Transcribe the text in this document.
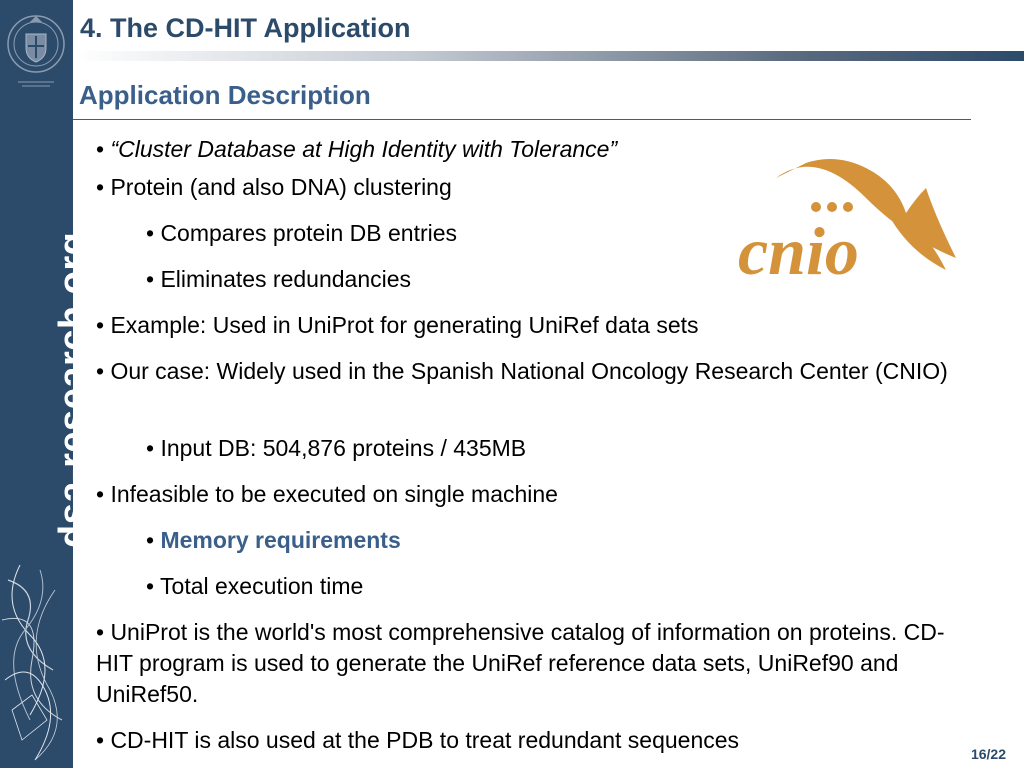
dsa-research.org
4. The CD-HIT Application
Application Description
cnio
• “Cluster Database at High Identity with Tolerance”
• Protein (and also DNA) clustering
• Compares protein DB entries
• Eliminates redundancies
• Example: Used in UniProt for generating UniRef data sets
• Our case: Widely used in the Spanish National Oncology Research Center (CNIO)
• Input DB: 504,876 proteins / 435MB
• Infeasible to be executed on single machine
• Memory requirements
• Total execution time
• UniProt is the world's most comprehensive catalog of information on proteins. CD-HIT program is used to generate the UniRef reference data sets, UniRef90 and UniRef50.
• CD-HIT is also used at the PDB to treat redundant sequences
16/22
